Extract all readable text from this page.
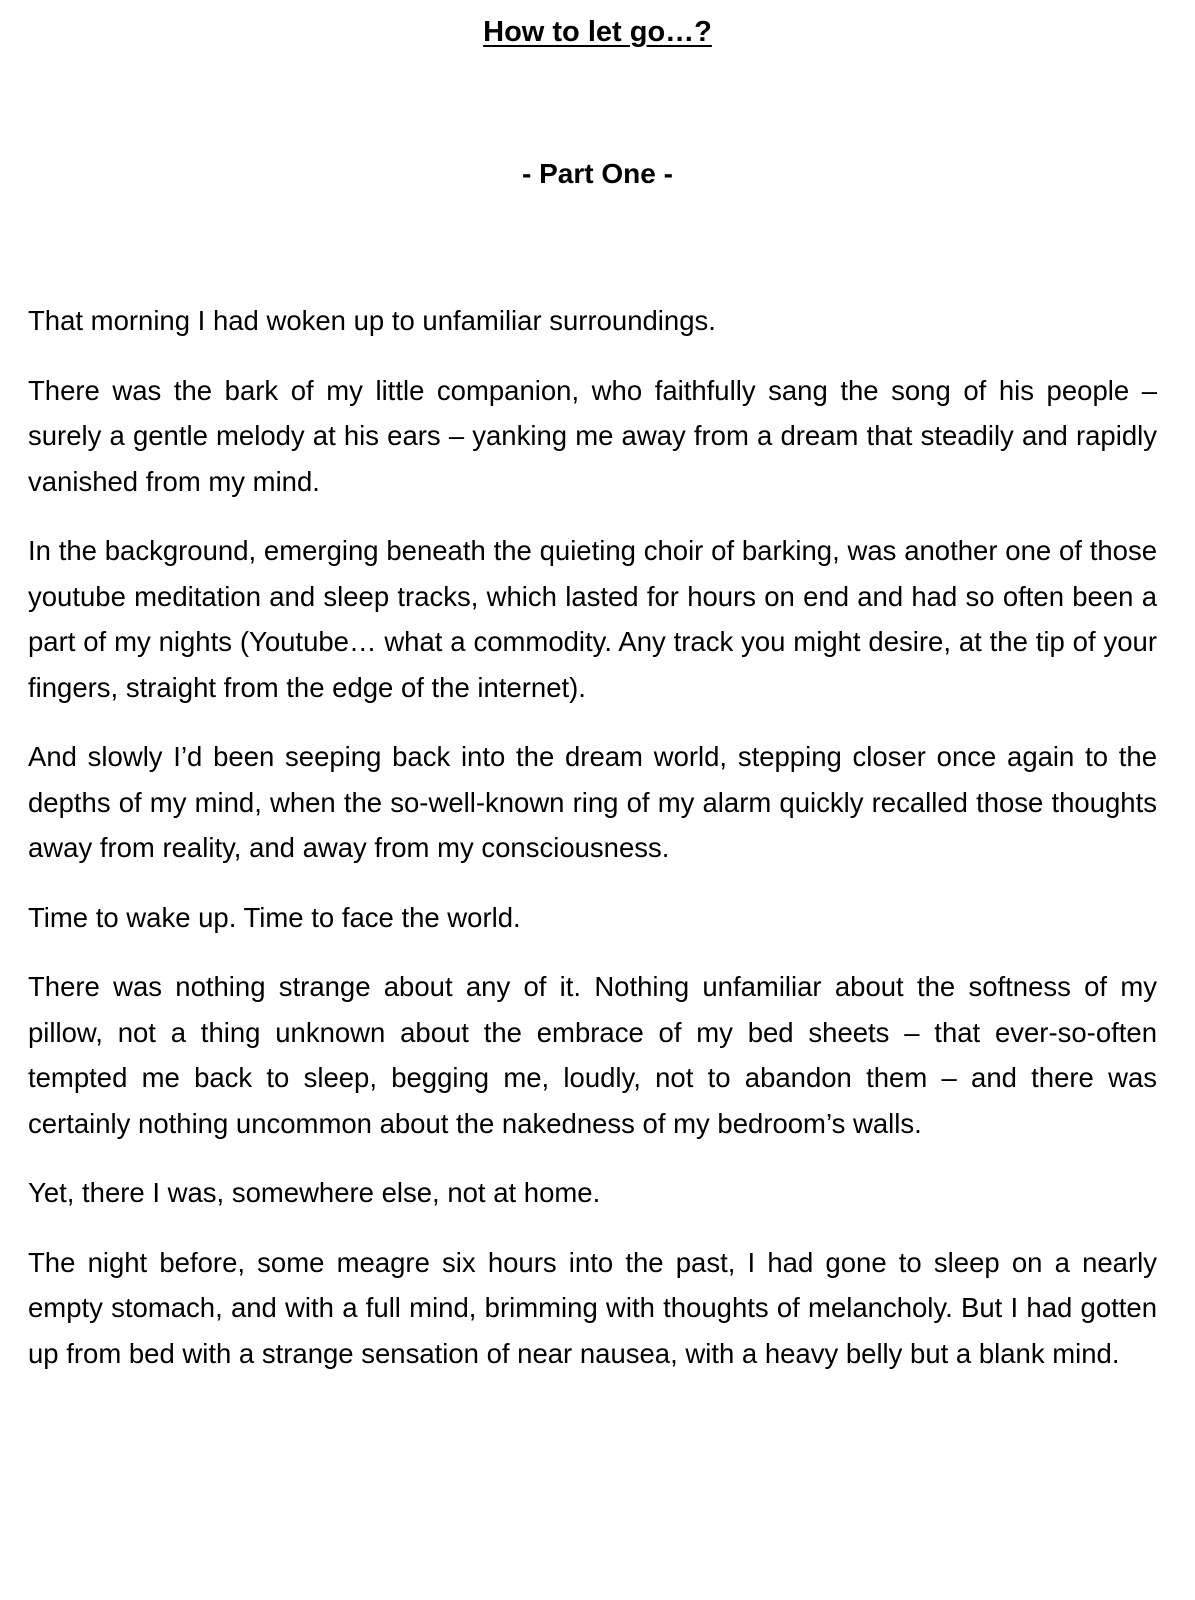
How to let go…?
- Part One -

That morning I had woken up to unfamiliar surroundings.

There was the bark of my little companion, who faithfully sang the song of his people – surely a gentle melody at his ears – yanking me away from a dream that steadily and rapidly vanished from my mind.

In the background, emerging beneath the quieting choir of barking, was another one of those youtube meditation and sleep tracks, which lasted for hours on end and had so often been a part of my nights (Youtube… what a commodity. Any track you might desire, at the tip of your fingers, straight from the edge of the internet).

And slowly I’d been seeping back into the dream world, stepping closer once again to the depths of my mind, when the so-well-known ring of my alarm quickly recalled those thoughts away from reality, and away from my consciousness.

Time to wake up. Time to face the world.

There was nothing strange about any of it. Nothing unfamiliar about the softness of my pillow, not a thing unknown about the embrace of my bed sheets – that ever-so-often tempted me back to sleep, begging me, loudly, not to abandon them – and there was certainly nothing uncommon about the nakedness of my bedroom’s walls.

Yet, there I was, somewhere else, not at home.

The night before, some meagre six hours into the past, I had gone to sleep on a nearly empty stomach, and with a full mind, brimming with thoughts of melancholy. But I had gotten up from bed with a strange sensation of near nausea, with a heavy belly but a blank mind.
